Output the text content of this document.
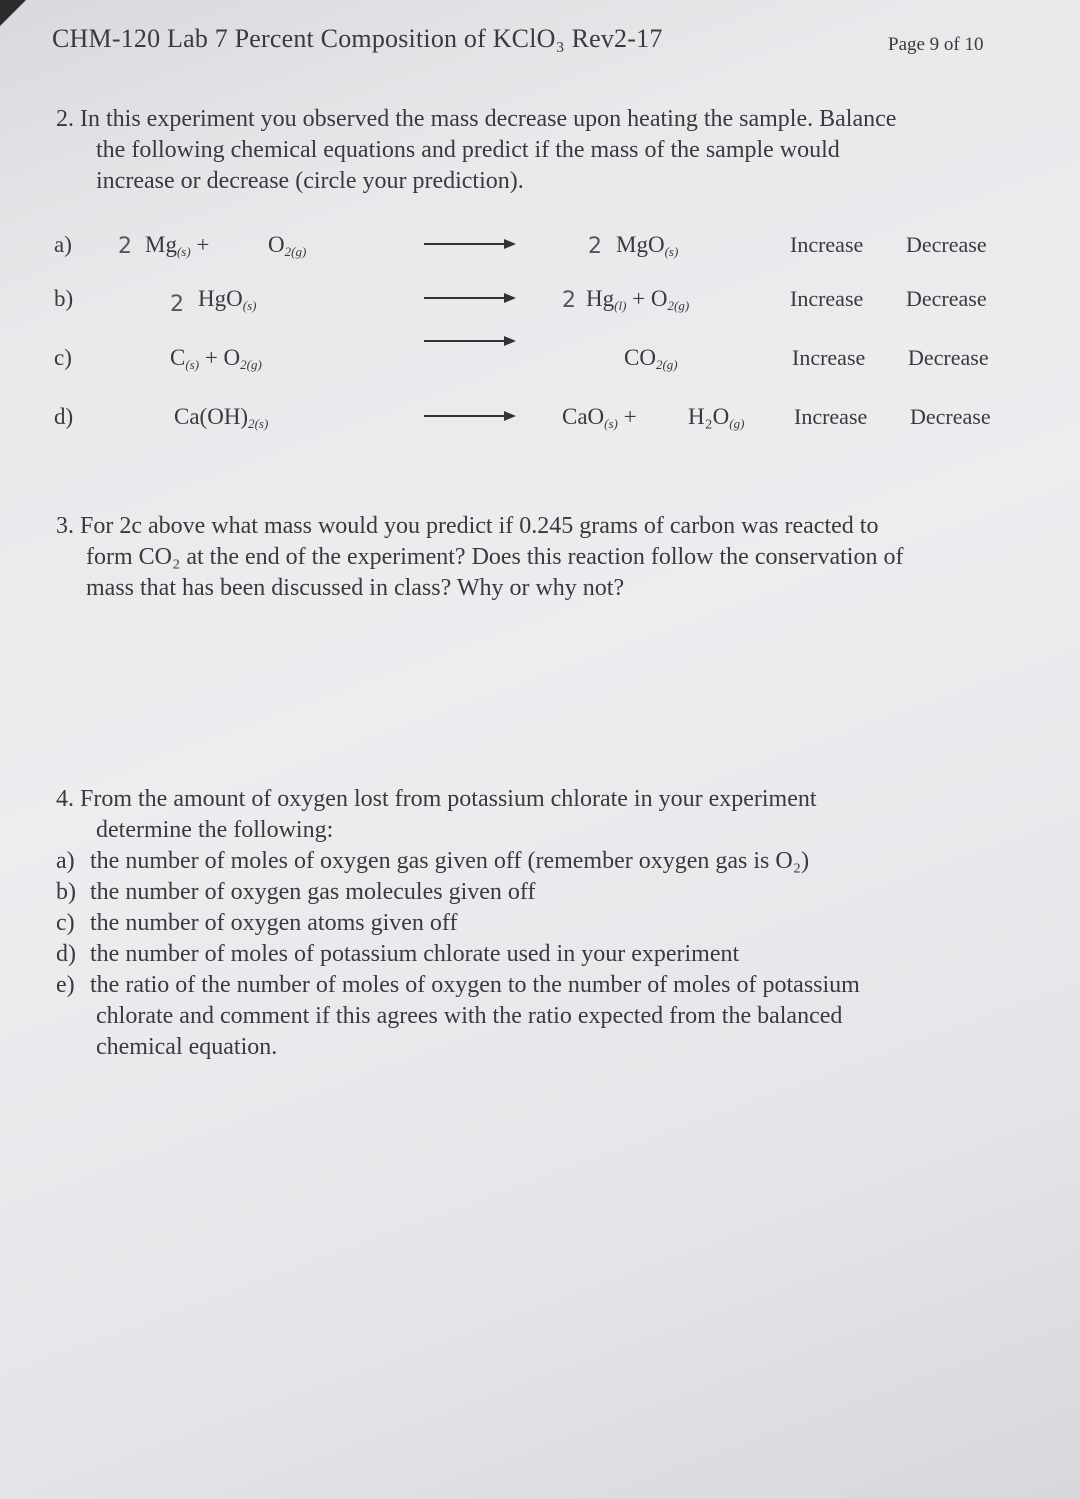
CHM-120 Lab 7 Percent Composition of KClO₃ Rev2-17	Page 9 of 10
2. In this experiment you observed the mass decrease upon heating the sample. Balance
the following chemical equations and predict if the mass of the sample would
increase or decrease (circle your prediction).
a) 2 $Mg_{(s)}$ +	$O_{2(g)}$	2 MgO$_{(s)}$	Increase Decrease
b)	2 HgO$_{(s)}$	2 $Hg_{(l)} + O_{2(g)}$	Increase Decrease
c)	$C_{(s)} + O_{2(g)}$	$CO_{2(g)}$	Increase Decrease
d)	$Ca(OH)_{2(s)}$	$CaO_{(s)} + H_2O_{(g)}$ Increase Decrease
3. For 2c above what mass would you predict if 0.245 grams of carbon was reacted to
form CO₂ at the end of the experiment? Does this reaction follow the conservation of
mass that has been discussed in class? Why or why not?
4. From the amount of oxygen lost from potassium chlorate in your experiment
determine the following:
a) the number of moles of oxygen gas given off (remember oxygen gas is O₂)
b) the number of oxygen gas molecules given off
c) the number of oxygen atoms given off
d) the number of moles of potassium chlorate used in your experiment
e) the ratio of the number of moles of oxygen to the number of moles of potassium
chlorate and comment if this agrees with the ratio expected from the balanced
chemical equation.
